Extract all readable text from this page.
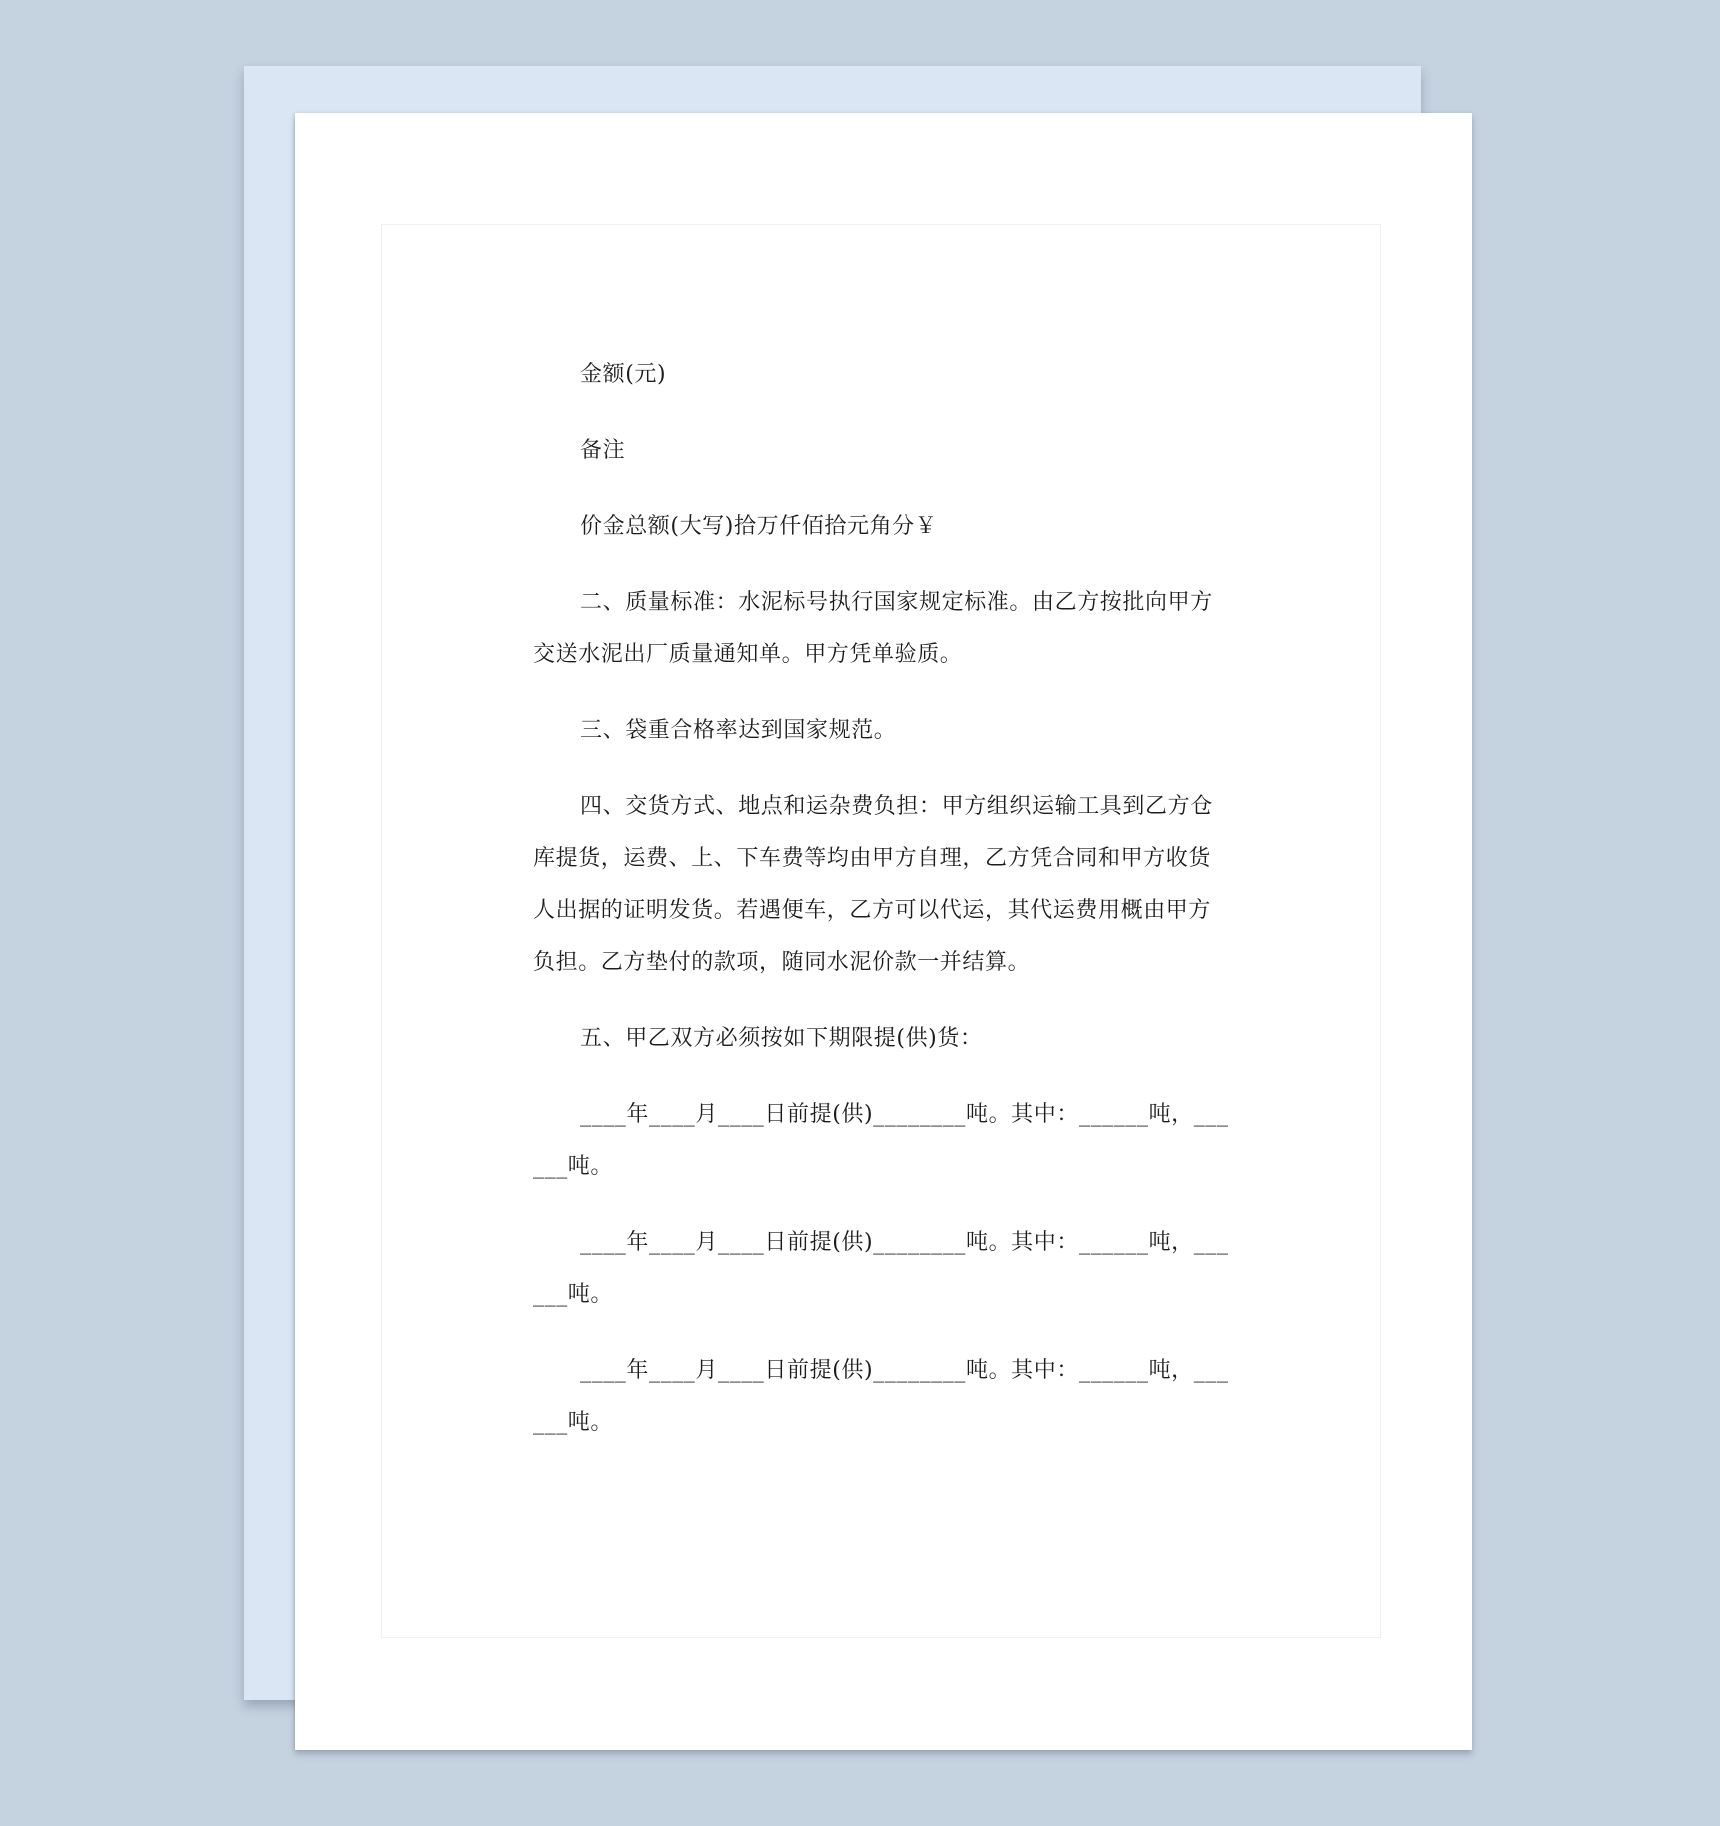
金额(元)

备注

价金总额(大写)拾万仟佰拾元角分￥

二、质量标准：水泥标号执行国家规定标准。由乙方按批向甲方交送水泥出厂质量通知单。甲方凭单验质。

三、袋重合格率达到国家规范。

四、交货方式、地点和运杂费负担：甲方组织运输工具到乙方仓库提货，运费、上、下车费等均由甲方自理，乙方凭合同和甲方收货人出据的证明发货。若遇便车，乙方可以代运，其代运费用概由甲方负担。乙方垫付的款项，随同水泥价款一并结算。

五、甲乙双方必须按如下期限提(供)货：

____年____月____日前提(供)________吨。其中：______吨，______吨。

____年____月____日前提(供)________吨。其中：______吨，______吨。

____年____月____日前提(供)________吨。其中：______吨，______吨。
